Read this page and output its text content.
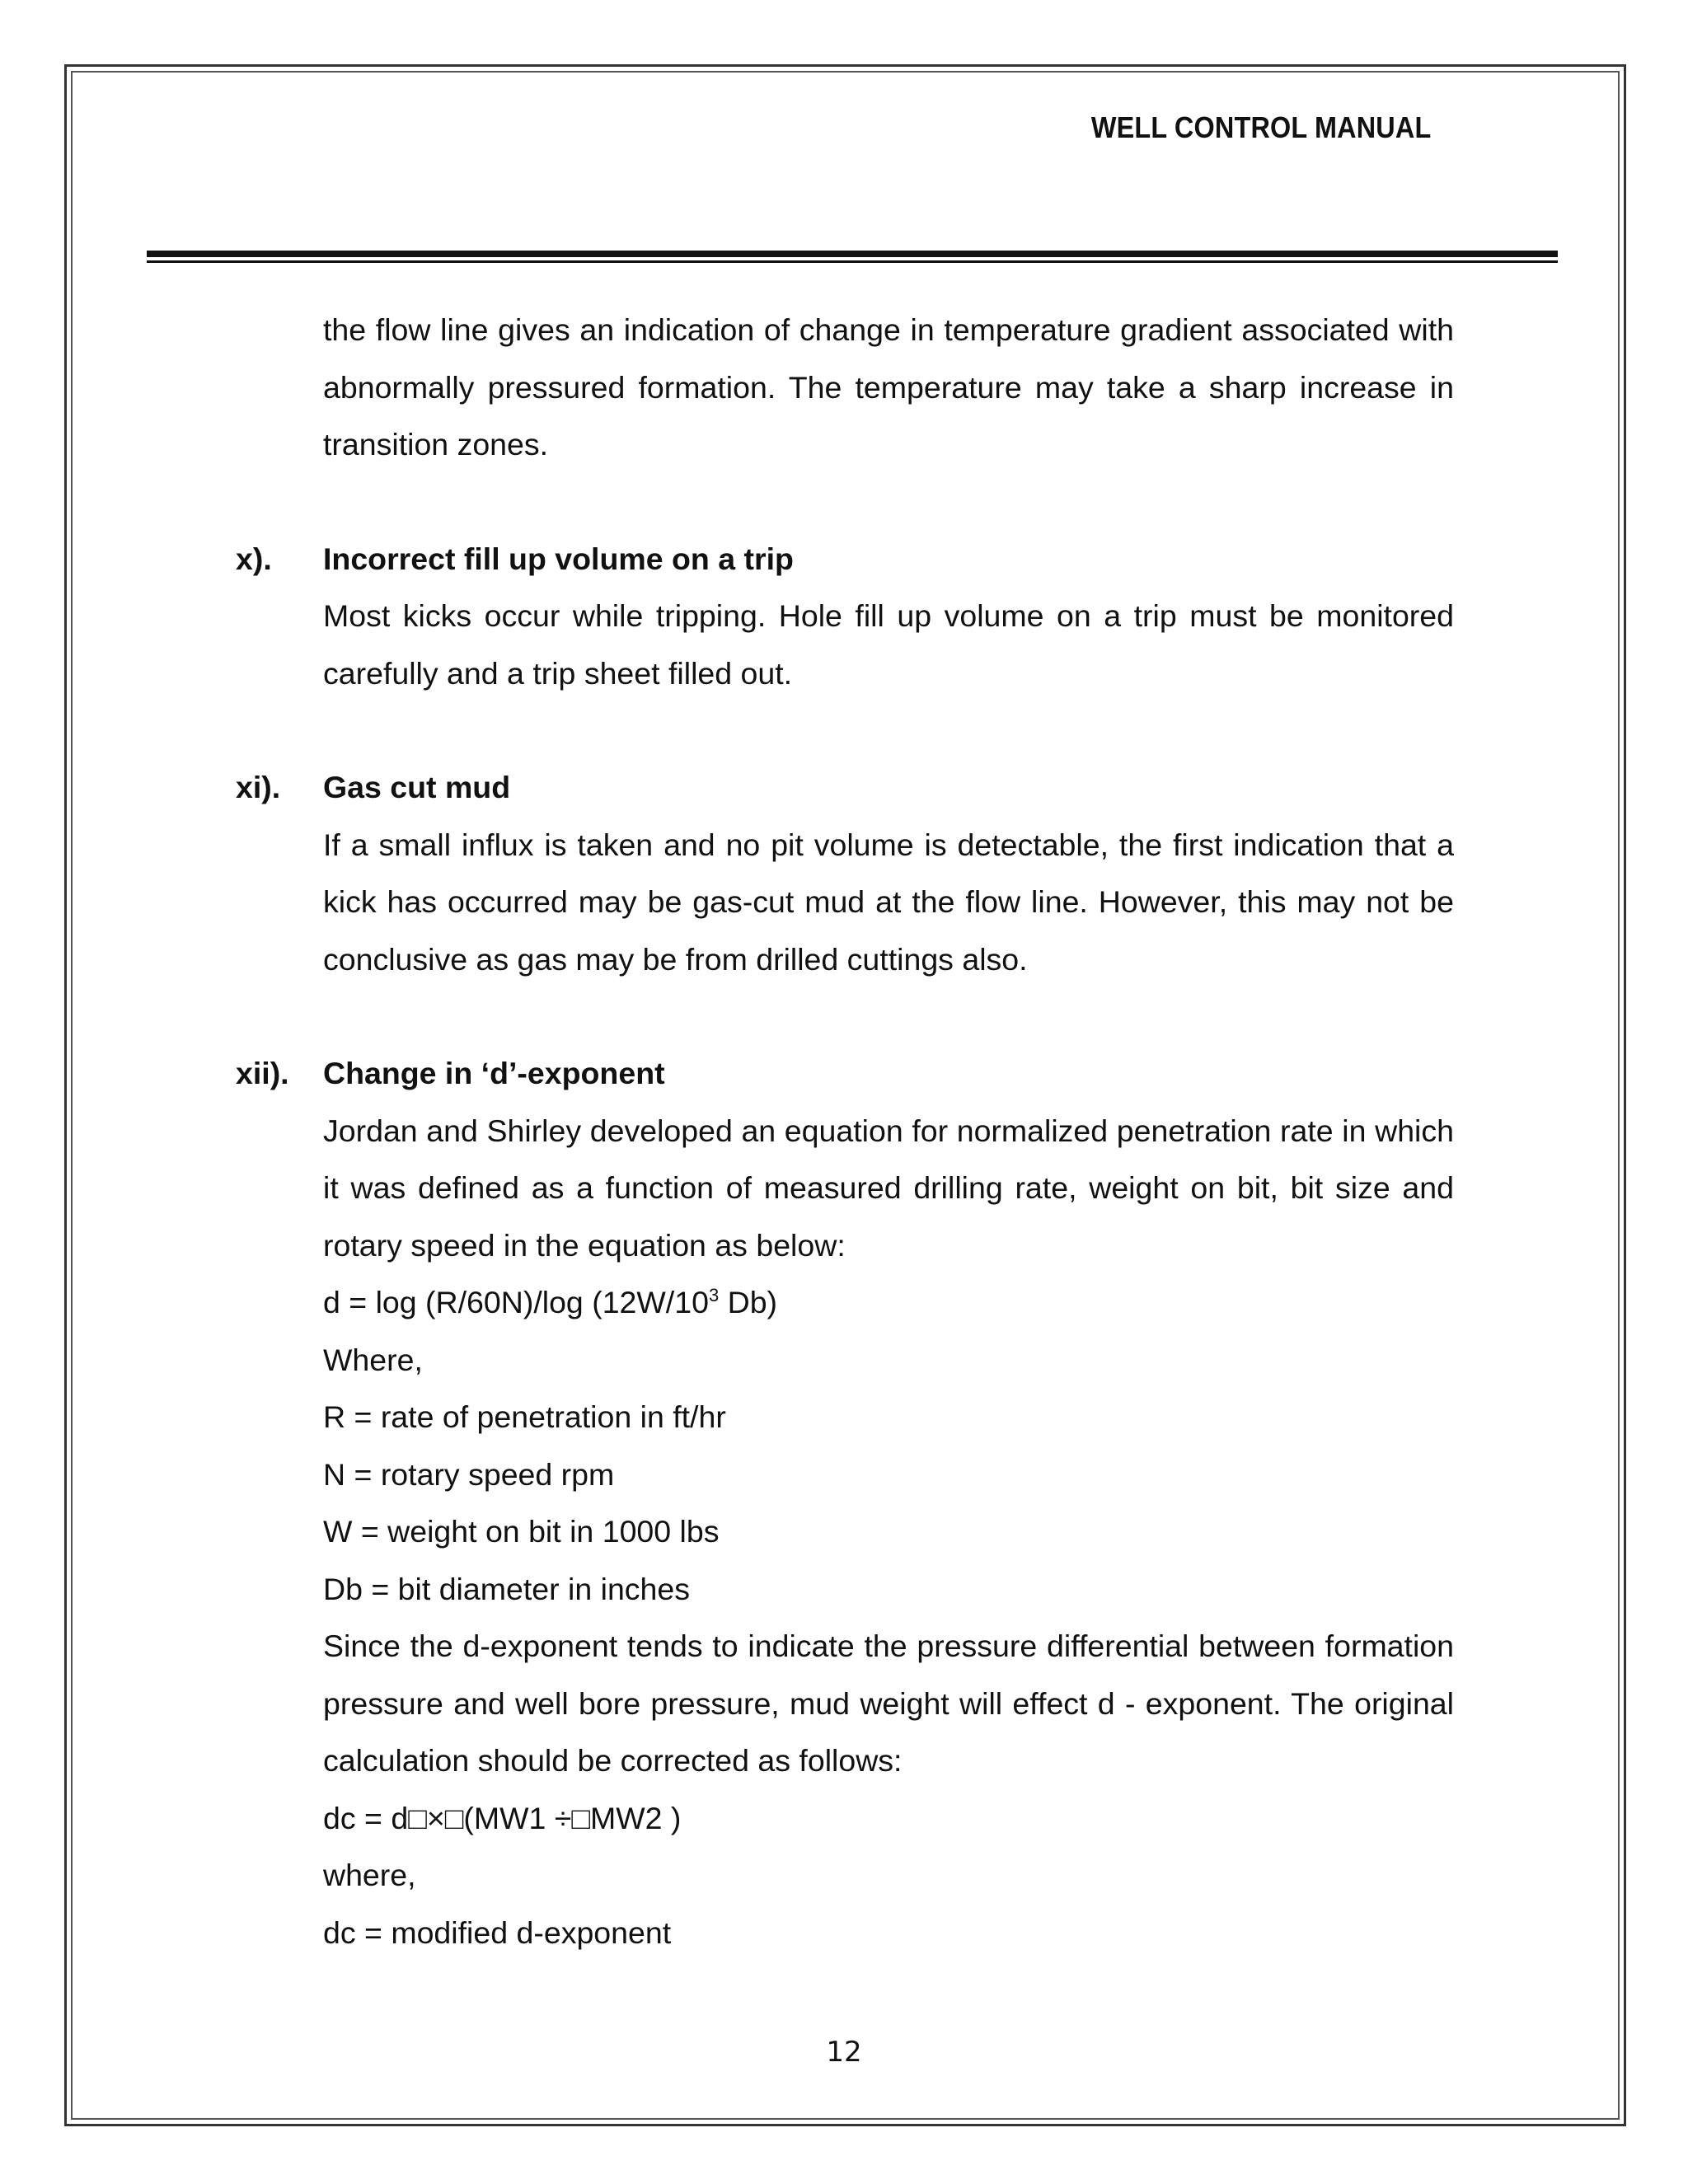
WELL CONTROL MANUAL

the flow line gives an indication of change in temperature gradient associated with abnormally pressured formation. The temperature may take a sharp increase in transition zones.

x). Incorrect fill up volume on a trip

Most kicks occur while tripping. Hole fill up volume on a trip must be monitored carefully and a trip sheet filled out.

xi). Gas cut mud

If a small influx is taken and no pit volume is detectable, the first indication that a kick has occurred may be gas-cut mud at the flow line. However, this may not be conclusive as gas may be from drilled cuttings also.

xii). Change in ‘d’-exponent

Jordan and Shirley developed an equation for normalized penetration rate in which it was defined as a function of measured drilling rate, weight on bit, bit size and rotary speed in the equation as below:

d = log (R/60N)/log ($12W/10^3$ Db)

Where,

R = rate of penetration in ft/hr

N = rotary speed rpm

W = weight on bit in 1000 lbs

Db = bit diameter in inches

Since the d-exponent tends to indicate the pressure differential between formation pressure and well bore pressure, mud weight will effect d - exponent. The original calculation should be corrected as follows:

dc = d□×□(MW1 ÷□MW2 )

where,

dc = modified d-exponent

12
